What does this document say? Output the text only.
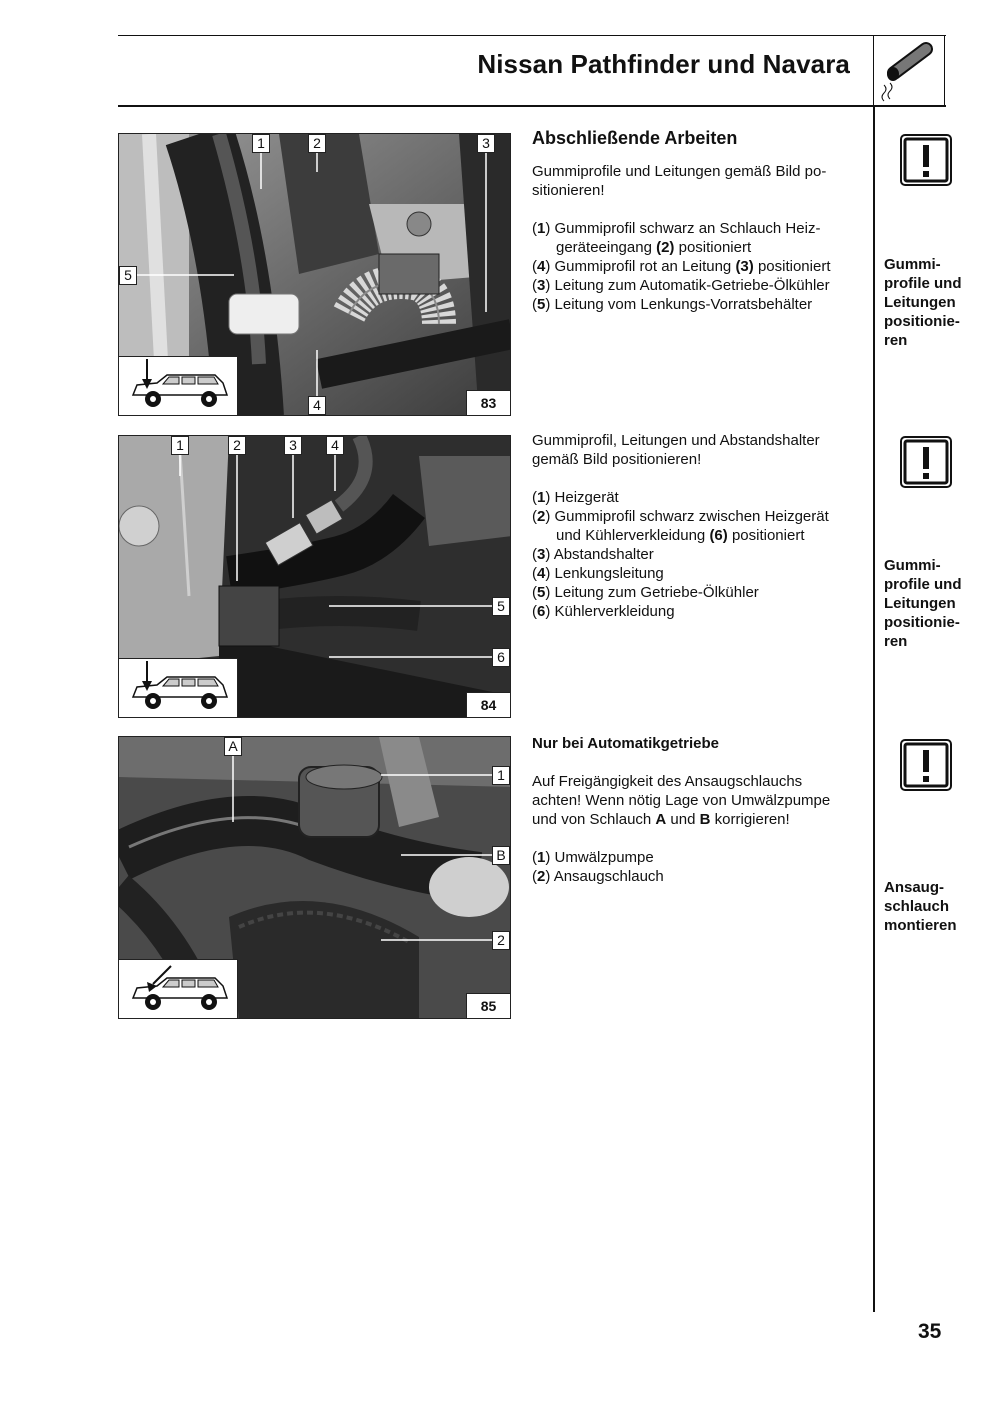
Nissan Pathfinder und Navara
1	2	3
4
5
83

Abschließende Arbeiten

Gummiprofile und Leitungen gemäß Bild po-
sitionieren!

(1) Gummiprofil schwarz an Schlauch Heiz-
geräteeingang (2) positioniert
(4) Gummiprofil rot an Leitung (3) positioniert
(3) Leitung zum Automatik-Getriebe-Ölkühler
(5) Leitung vom Lenkungs-Vorratsbehälter
Gummi-
profile und
Leitungen
positionie-
ren
1	2	3	4
5
6
84

Gummiprofil, Leitungen und Abstandshalter
gemäß Bild positionieren!

(1) Heizgerät
(2) Gummiprofil schwarz zwischen Heizgerät
und Kühlerverkleidung (6) positioniert
(3) Abstandshalter
(4) Lenkungsleitung
(5) Leitung zum Getriebe-Ölkühler
(6) Kühlerverkleidung
Gummi-
profile und
Leitungen
positionie-
ren
A
1
B
2
85

Nur bei Automatikgetriebe

Auf Freigängigkeit des Ansaugschlauchs
achten! Wenn nötig Lage von Umwälzpumpe
und von Schlauch A und B korrigieren!

(1) Umwälzpumpe
(2) Ansaugschlauch
Ansaug-
schlauch
montieren
35
